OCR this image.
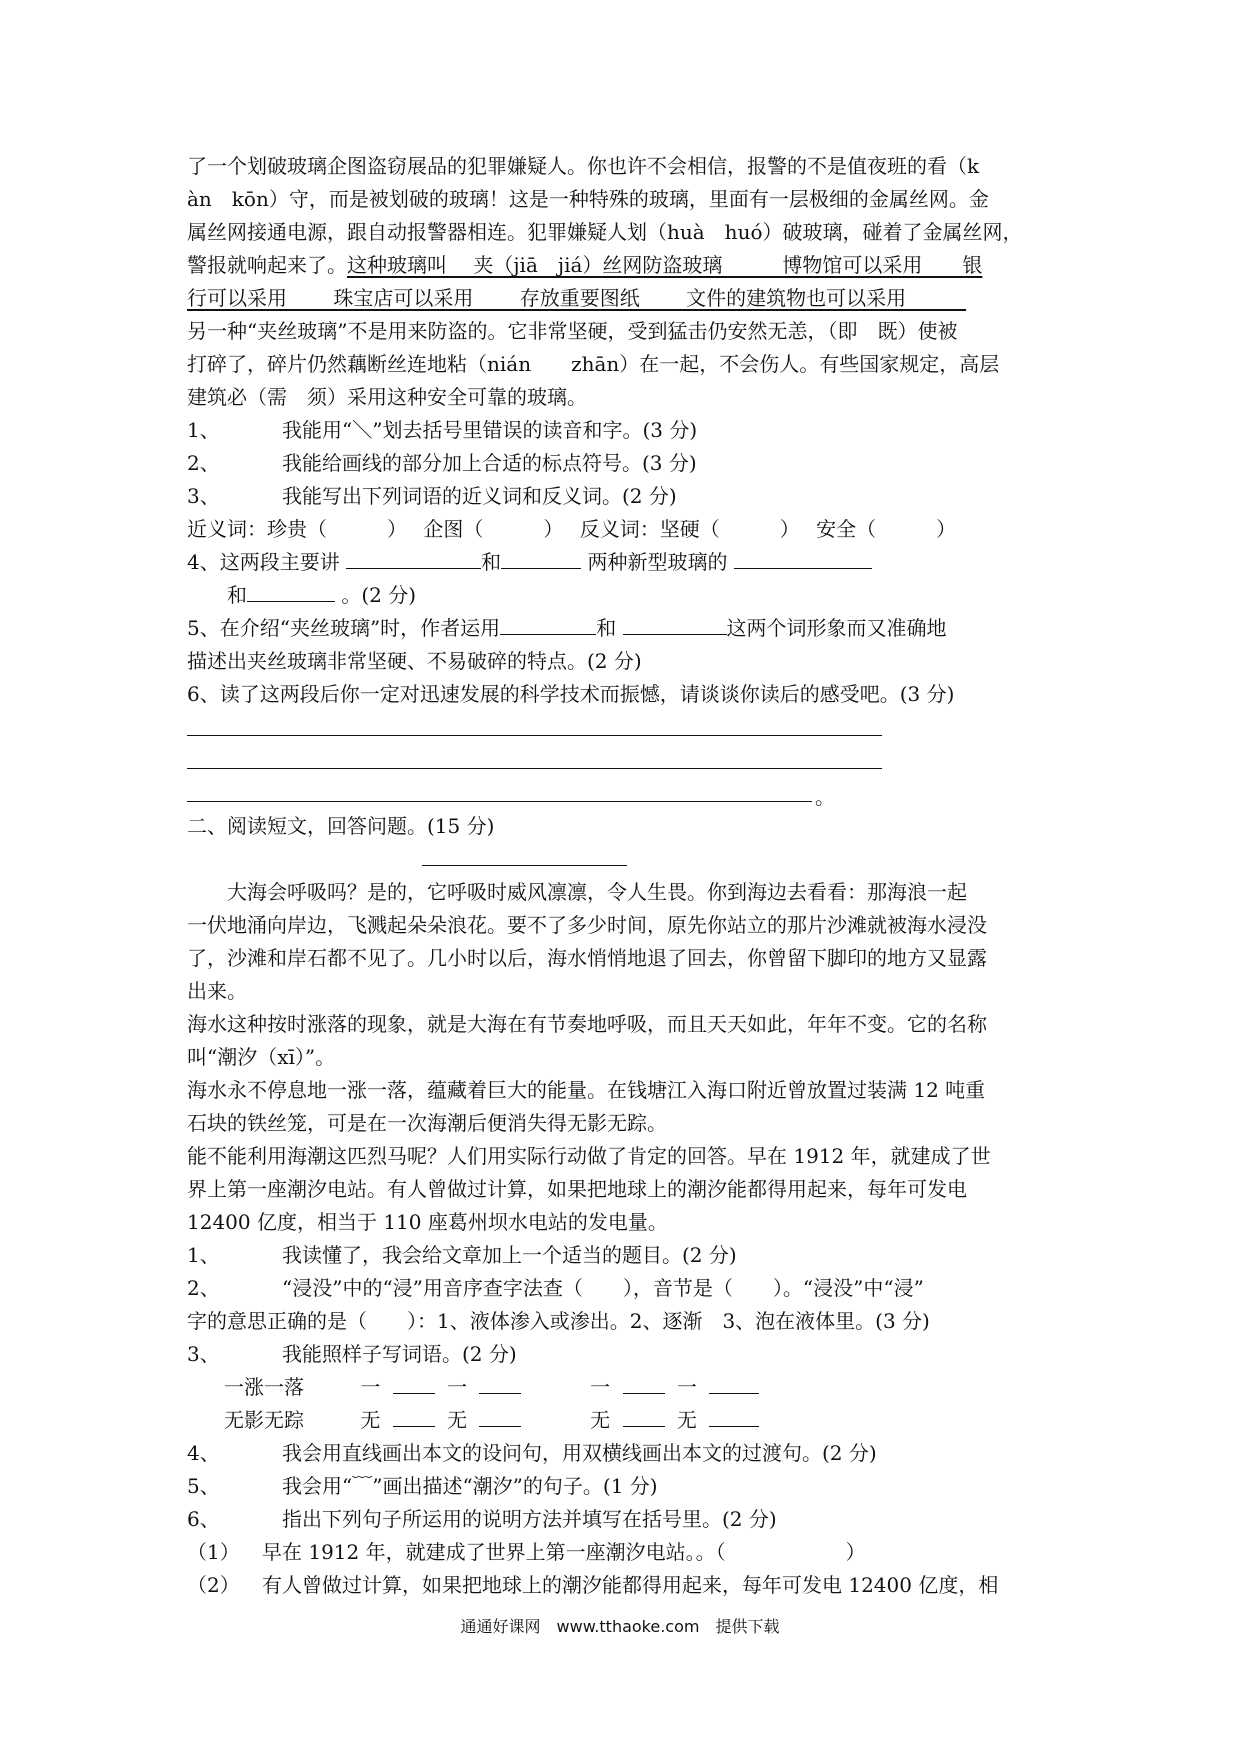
了一个划破玻璃企图盗窃展品的犯罪嫌疑人。你也许不会相信，报警的不是值夜班的看（k
àn　kōn）守，而是被划破的玻璃！这是一种特殊的玻璃，里面有一层极细的金属丝网。金
属丝网接通电源，跟自动报警器相连。犯罪嫌疑人划（huà　huó）破玻璃，碰着了金属丝网，
警报就响起来了。这种玻璃叫　 夹（jiā　jiá）丝网防盗玻璃　　　博物馆可以采用　　银
行可以采用　　 珠宝店可以采用　　 存放重要图纸　　 文件的建筑物也可以采用　　　
另一种“夹丝玻璃”不是用来防盗的。它非常坚硬，受到猛击仍安然无恙，（即　既）使被
打碎了，碎片仍然藕断丝连地粘（nián　　zhān）在一起，不会伤人。有些国家规定，高层
建筑必（需　须）采用这种安全可靠的玻璃。
1、	我能用“＼”划去括号里错误的读音和字。(3 分)
2、	我能给画线的部分加上合适的标点符号。(3 分)
3、	我能写出下列词语的近义词和反义词。(2 分)
近义词：珍贵（　　　）　 企图（　　　）　 反义词：坚硬（　　　）　 安全（　　　）
4、这两段主要讲	和	两种新型玻璃的
和	。(2 分)
5、在介绍“夹丝玻璃”时，作者运用	和	这两个词形象而又准确地
描述出夹丝玻璃非常坚硬、不易破碎的特点。(2 分)
6、读了这两段后你一定对迅速发展的科学技术而振憾，请谈谈你读后的感受吧。(3 分)
。
二、阅读短文，回答问题。(15 分)
大海会呼吸吗？是的，它呼吸时威风凛凛，令人生畏。你到海边去看看：那海浪一起
一伏地涌向岸边，飞溅起朵朵浪花。要不了多少时间，原先你站立的那片沙滩就被海水浸没
了，沙滩和岸石都不见了。几小时以后，海水悄悄地退了回去，你曾留下脚印的地方又显露
出来。
海水这种按时涨落的现象，就是大海在有节奏地呼吸，而且天天如此，年年不变。它的名称
叫“潮汐（xī）”。
海水永不停息地一涨一落，蕴藏着巨大的能量。在钱塘江入海口附近曾放置过装满 12 吨重
石块的铁丝笼，可是在一次海潮后便消失得无影无踪。
能不能利用海潮这匹烈马呢？人们用实际行动做了肯定的回答。早在 1912 年，就建成了世
界上第一座潮汐电站。有人曾做过计算，如果把地球上的潮汐能都得用起来，每年可发电
12400 亿度，相当于 110 座葛州坝水电站的发电量。
1、	我读懂了，我会给文章加上一个适当的题目。(2 分)
2、	“浸没”中的“浸”用音序查字法查（　　），音节是（　　）。“浸没”中“浸”
字的意思正确的是（　　）：1、液体渗入或渗出。2、逐渐　3、泡在液体里。(3 分)
3、	我能照样子写词语。(2 分)
一涨一落	一	一	一	一
无影无踪	无	无	无	无
4、	我会用直线画出本文的设问句，用双横线画出本文的过渡句。(2 分)
5、	我会用“﹋”画出描述“潮汐”的句子。(1 分)
6、	指出下列句子所运用的说明方法并填写在括号里。(2 分)
（1） 早在 1912 年，就建成了世界上第一座潮汐电站。。（　　　　　　）
（2） 有人曾做过计算，如果把地球上的潮汐能都得用起来，每年可发电 12400 亿度，相
通通好课网　www.tthaoke.com　提供下载
